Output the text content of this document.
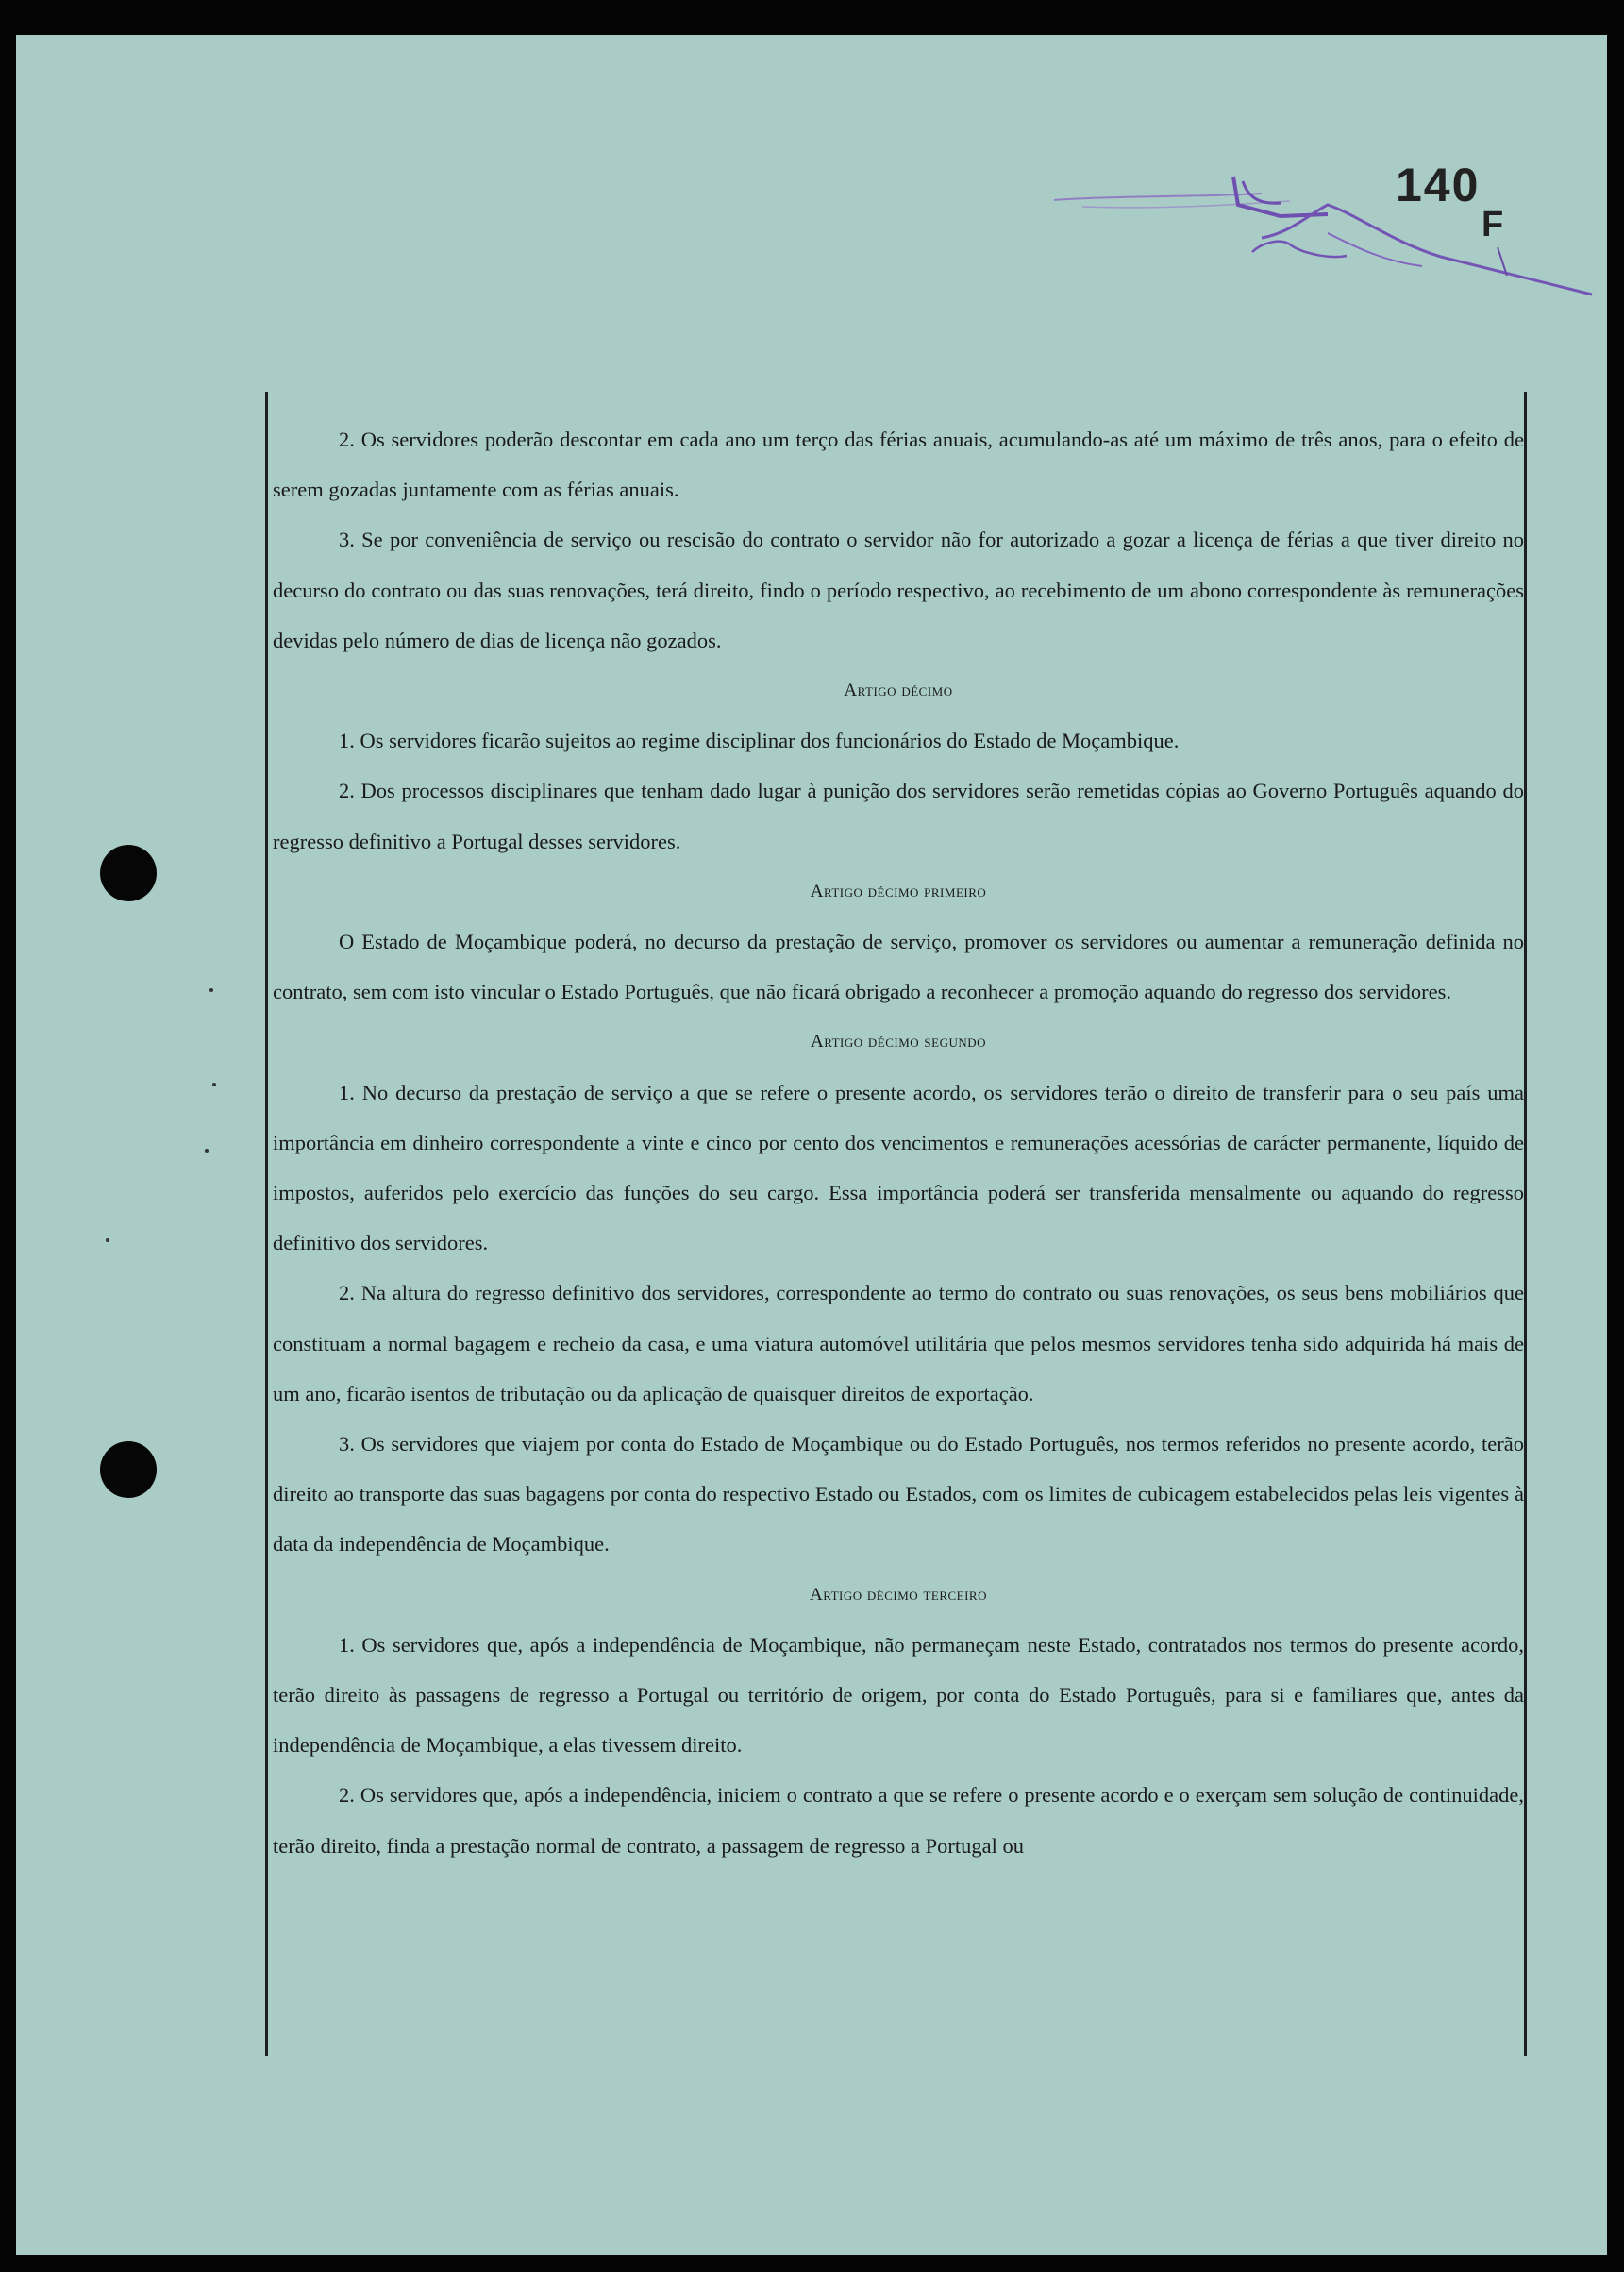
140
F

2. Os servidores poderão descontar em cada ano um terço das férias anuais, acumulando-as até um máximo de três anos, para o efeito de serem gozadas juntamente com as férias anuais.

3. Se por conveniência de serviço ou rescisão do contrato o servidor não for autorizado a gozar a licença de férias a que tiver direito no decurso do contrato ou das suas renovações, terá direito, findo o período respectivo, ao recebimento de um abono correspondente às remunerações devidas pelo número de dias de licença não gozados.

Artigo décimo

1. Os servidores ficarão sujeitos ao regime disciplinar dos funcionários do Estado de Moçambique.

2. Dos processos disciplinares que tenham dado lugar à punição dos servidores serão remetidas cópias ao Governo Português aquando do regresso definitivo a Portugal desses servidores.

Artigo décimo primeiro

O Estado de Moçambique poderá, no decurso da prestação de serviço, promover os servidores ou aumentar a remuneração definida no contrato, sem com isto vincular o Estado Português, que não ficará obrigado a reconhecer a promoção aquando do regresso dos servidores.

Artigo décimo segundo

1. No decurso da prestação de serviço a que se refere o presente acordo, os servidores terão o direito de transferir para o seu país uma importância em dinheiro correspondente a vinte e cinco por cento dos vencimentos e remunerações acessórias de carácter permanente, líquido de impostos, auferidos pelo exercício das funções do seu cargo. Essa importância poderá ser transferida mensalmente ou aquando do regresso definitivo dos servidores.

2. Na altura do regresso definitivo dos servidores, correspondente ao termo do contrato ou suas renovações, os seus bens mobiliários que constituam a normal bagagem e recheio da casa, e uma viatura automóvel utilitária que pelos mesmos servidores tenha sido adquirida há mais de um ano, ficarão isentos de tributação ou da aplicação de quaisquer direitos de exportação.

3. Os servidores que viajem por conta do Estado de Moçambique ou do Estado Português, nos termos referidos no presente acordo, terão direito ao transporte das suas bagagens por conta do respectivo Estado ou Estados, com os limites de cubicagem estabelecidos pelas leis vigentes à data da independência de Moçambique.

Artigo décimo terceiro

1. Os servidores que, após a independência de Moçambique, não permaneçam neste Estado, contratados nos termos do presente acordo, terão direito às passagens de regresso a Portugal ou território de origem, por conta do Estado Português, para si e familiares que, antes da independência de Moçambique, a elas tivessem direito.

2. Os servidores que, após a independência, iniciem o contrato a que se refere o presente acordo e o exerçam sem solução de continuidade, terão direito, finda a prestação normal de contrato, a passagem de regresso a Portugal ou
